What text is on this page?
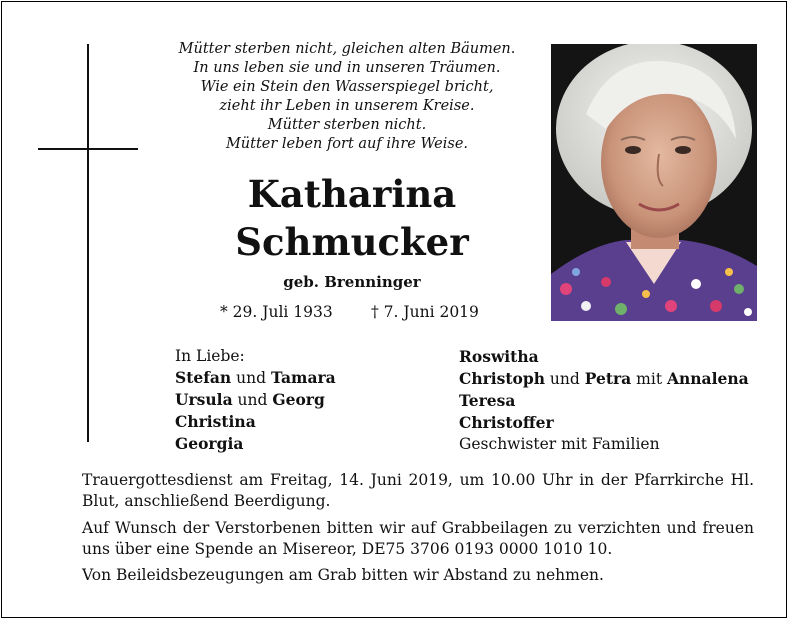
Mütter sterben nicht, gleichen alten Bäumen.
In uns leben sie und in unseren Träumen.
Wie ein Stein den Wasserspiegel bricht,
zieht ihr Leben in unserem Kreise.
Mütter sterben nicht.
Mütter leben fort auf ihre Weise.
Katharina
Schmucker
geb. Brenninger
* 29. Juli 1933 † 7. Juni 2019
In Liebe:
Stefan und Tamara
Ursula und Georg
Christina
Georgia
Roswitha
Christoph und Petra mit Annalena
Teresa
Christoffer
Geschwister mit Familien
Trauergottesdienst am Freitag, 14. Juni 2019, um 10.00 Uhr in der Pfarrkirche Hl. Blut, anschließend Beerdigung.
Auf Wunsch der Verstorbenen bitten wir auf Grabbeilagen zu verzichten und freuen uns über eine Spende an Misereor, DE75 3706 0193 0000 1010 10.
Von Beileidsbezeugungen am Grab bitten wir Abstand zu nehmen.
